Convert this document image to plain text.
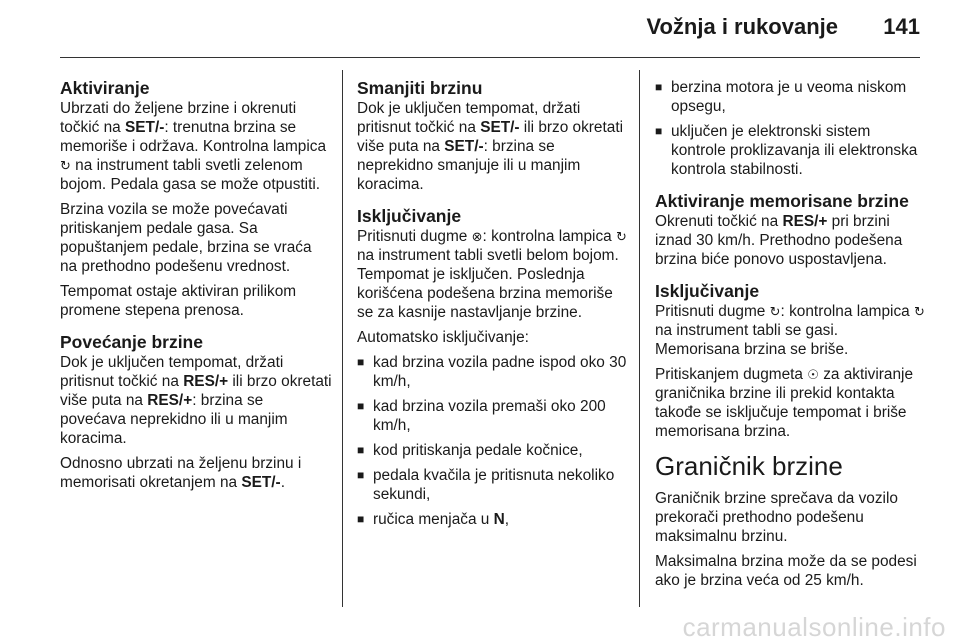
Vožnja i rukovanje 141
Aktiviranje

Ubrzati do željene brzine i okrenuti točkić na SET/-: trenutna brzina se memoriše i održava. Kontrolna lampica ↻ na instrument tabli svetli zelenom bojom. Pedala gasa se može otpustiti.

Brzina vozila se može povećavati pritiskanjem pedale gasa. Sa popuštanjem pedale, brzina se vraća na prethodno podešenu vrednost.

Tempomat ostaje aktiviran prilikom promene stepena prenosa.

Povećanje brzine

Dok je uključen tempomat, držati pritisnut točkić na RES/+ ili brzo okretati više puta na RES/+: brzina se povećava neprekidno ili u manjim koracima.

Odnosno ubrzati na željenu brzinu i memorisati okretanjem na SET/-.

Smanjiti brzinu

Dok je uključen tempomat, držati pritisnut točkić na SET/- ili brzo okretati više puta na SET/-: brzina se neprekidno smanjuje ili u manjim koracima.

Isključivanje

Pritisnuti dugme ⊗: kontrolna lampica ↻ na instrument tabli svetli belom bojom. Tempomat je isključen. Poslednja korišćena podešena brzina memoriše se za kasnije nastavljanje brzine.

Automatsko isključivanje:

■ kad brzina vozila padne ispod oko 30 km/h,
■ kad brzina vozila premaši oko 200 km/h,
■ kod pritiskanja pedale kočnice,
■ pedala kvačila je pritisnuta nekoliko sekundi,
■ ručica menjača u N,
■ berzina motora je u veoma niskom opsegu,
■ uključen je elektronski sistem kontrole proklizavanja ili elektronska kontrola stabilnosti.
Aktiviranje memorisane brzine

Okrenuti točkić na RES/+ pri brzini iznad 30 km/h. Prethodno podešena brzina biće ponovo uspostavljena.

Isključivanje

Pritisnuti dugme ↻: kontrolna lampica ↻ na instrument tabli se gasi. Memorisana brzina se briše.

Pritiskanjem dugmeta ☉ za aktiviranje graničnika brzine ili prekid kontakta takođe se isključuje tempomat i briše memorisana brzina.

Graničnik brzine

Graničnik brzine sprečava da vozilo prekorači prethodno podešenu maksimalnu brzinu.

Maksimalna brzina može da se podesi ako je brzina veća od 25 km/h.

carmanualsonline.info
